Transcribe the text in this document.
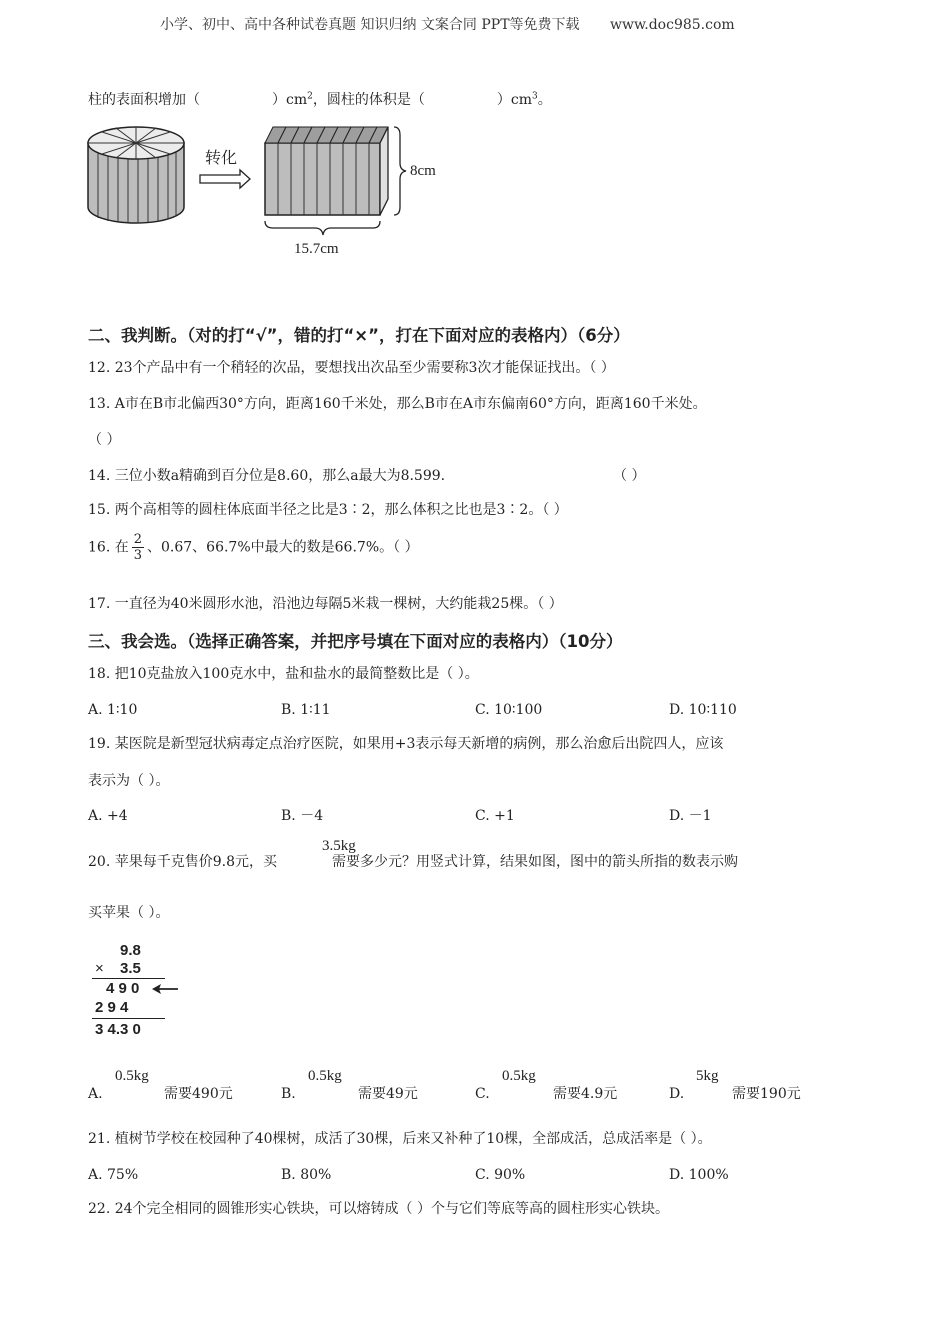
小学、初中、高中各种试卷真题 知识归纳 文案合同 PPT等免费下载 www.doc985.com
柱的表面积增加（	）$cm^2$，圆柱的体积是（	）$cm^3$。
转化
8cm
15.7cm
二、我判断。（对的打“√”，错的打“×”，打在下面对应的表格内）（6分）
12. 23个产品中有一个稍轻的次品，要想找出次品至少需要称3次才能保证找出。（ ）
13. A市在B市北偏西30°方向，距离160千米处，那么B市在A市东偏南60°方向，距离160千米处。
（ ）
14. 三位小数a精确到百分位是8.60，那么a最大为8.599.	（ ）
15. 两个高相等的圆柱体底面半径之比是3∶2，那么体积之比也是3∶2。（ ）
16. 在 $\frac{2}{3}$ 、0.67、66.7%中最大的数是66.7%。（ ）
17. 一直径为40米圆形水池，沿池边每隔5米栽一棵树，大约能栽25棵。（ ）
三、我会选。（选择正确答案，并把序号填在下面对应的表格内）（10分）
18. 把10克盐放入100克水中，盐和盐水的最简整数比是（ ）。
A. 1∶10	B. 1∶11	C. 10∶100	D. 10∶110
19. 某医院是新型冠状病毒定点治疗医院，如果用+3表示每天新增的病例，那么治愈后出院四人，应该
表示为（ ）。
A. +4	B. －4	C. +1	D. －1
20. 苹果每千克售价9.8元，买	需要多少元？用竖式计算，结果如图，图中的箭头所指的数表示购
3.5kg
买苹果（ ）。
9.8
× 3.5
4 9 0
2 9 4
3 4.3 0
A.
0.5kg
需要490元	B.
0.5kg
需要49元	C.
0.5kg
需要4.9元	D.
5kg
需要190元
21. 植树节学校在校园种了40棵树，成活了30棵，后来又补种了10棵，全部成活，总成活率是（ ）。
A. 75%	B. 80%	C. 90%	D. 100%
22. 24个完全相同的圆锥形实心铁块，可以熔铸成（ ）个与它们等底等高的圆柱形实心铁块。
